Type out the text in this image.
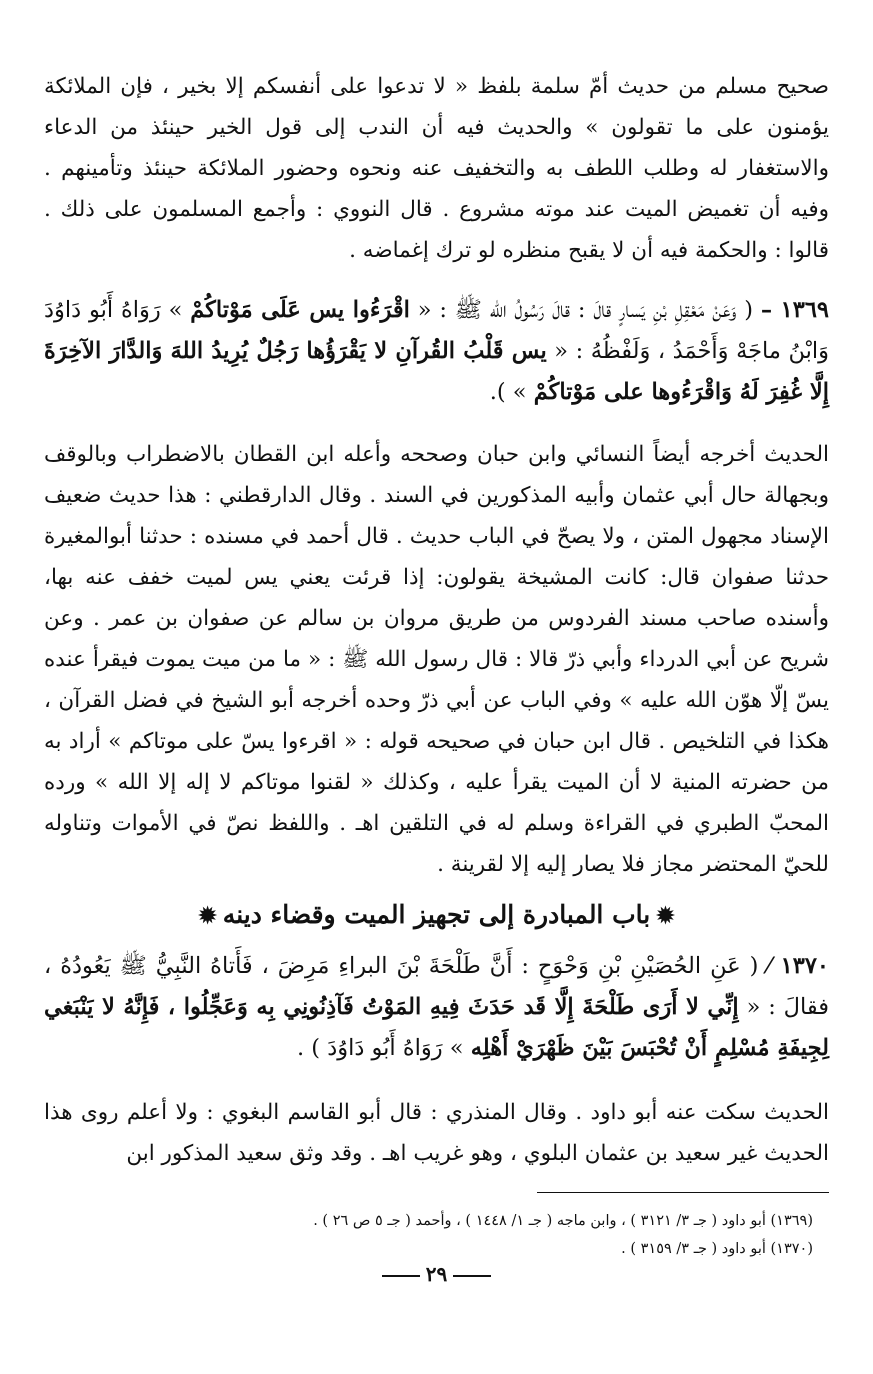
صحيح مسلم من حديث أمّ سلمة بلفظ « لا تدعوا على أنفسكم إلا بخير ، فإن الملائكة يؤمنون على ما تقولون » والحديث فيه أن الندب إلى قول الخير حينئذ من الدعاء والاستغفار له وطلب اللطف به والتخفيف عنه ونحوه وحضور الملائكة حينئذ وتأمينهم . وفيه أن تغميض الميت عند موته مشروع . قال النووي : وأجمع المسلمون على ذلك . قالوا : والحكمة فيه أن لا يقبح منظره لو ترك إغماضه .

١٣٦٩ – ( وَعَنْ مَعْقِلِ بْنِ يَسارٍ قالَ : قالَ رَسُولُ الله ﷺ : « اقْرَءُوا يس عَلَى مَوْتاكُمْ » رَوَاهُ أَبُو دَاوُدَ وَابْنُ ماجَهْ وَأَحْمَدُ ، وَلَفْظُهُ : « يس قَلْبُ القُرآنِ لا يَقْرَؤُها رَجُلٌ يُرِيدُ اللهَ وَالدَّارَ الآخِرَةَ إِلَّا غُفِرَ لَهُ وَاقْرَءُوها على مَوْتاكُمْ » ).

الحديث أخرجه أيضاً النسائي وابن حبان وصححه وأعله ابن القطان بالاضطراب وبالوقف وبجهالة حال أبي عثمان وأبيه المذكورين في السند . وقال الدارقطني : هذا حديث ضعيف الإسناد مجهول المتن ، ولا يصحّ في الباب حديث . قال أحمد في مسنده : حدثنا أبوالمغيرة حدثنا صفوان قال: كانت المشيخة يقولون: إذا قرئت يعني يس لميت خفف عنه بها، وأسنده صاحب مسند الفردوس من طريق مروان بن سالم عن صفوان بن عمر . وعن شريح عن أبي الدرداء وأبي ذرّ قالا : قال رسول الله ﷺ : « ما من ميت يموت فيقرأ عنده يسّ إلّا هوّن الله عليه » وفي الباب عن أبي ذرّ وحده أخرجه أبو الشيخ في فضل القرآن ، هكذا في التلخيص . قال ابن حبان في صحيحه قوله : « اقرءوا يسّ على موتاكم » أراد به من حضرته المنية لا أن الميت يقرأ عليه ، وكذلك « لقنوا موتاكم لا إله إلا الله » ورده المحبّ الطبري في القراءة وسلم له في التلقين اهـ . واللفظ نصّ في الأموات وتناوله للحيّ المحتضر مجاز فلا يصار إليه إلا لقرينة .

✹باب المبادرة إلى تجهيز الميت وقضاء دينه✹

١٣٧٠ ⁄ ( عَنِ الحُصَيْنِ بْنِ وَحْوَحٍ : أَنَّ طَلْحَةَ بْنَ البراءِ مَرِضَ ، فَأَتاهُ النَّبِيُّ ﷺ يَعُودُهُ ، فقالَ : « إِنِّي لا أَرَى طَلْحَةَ إِلَّا قَد حَدَثَ فِيهِ المَوْتُ فَآذِنُونِي بِه وَعَجِّلُوا ، فَإِنَّهُ لا يَنْبَغي لِجِيفَةِ مُسْلِمٍ أَنْ تُحْبَسَ بَيْنَ ظَهْرَيْ أَهْلِه » رَوَاهُ أَبُو دَاوُدَ ) .

الحديث سكت عنه أبو داود . وقال المنذري : قال أبو القاسم البغوي : ولا أعلم روى هذا الحديث غير سعيد بن عثمان البلوي ، وهو غريب اهـ . وقد وثق سعيد المذكور ابن

(١٣٦٩) أبو داود ( جـ ٣/ ٣١٢١ ) ، وابن ماجه ( جـ ١/ ١٤٤٨ ) ، وأحمد ( جـ ٥ ص ٢٦ ) .
(١٣٧٠) أبو داود ( جـ ٣/ ٣١٥٩ ) .
٢٩
